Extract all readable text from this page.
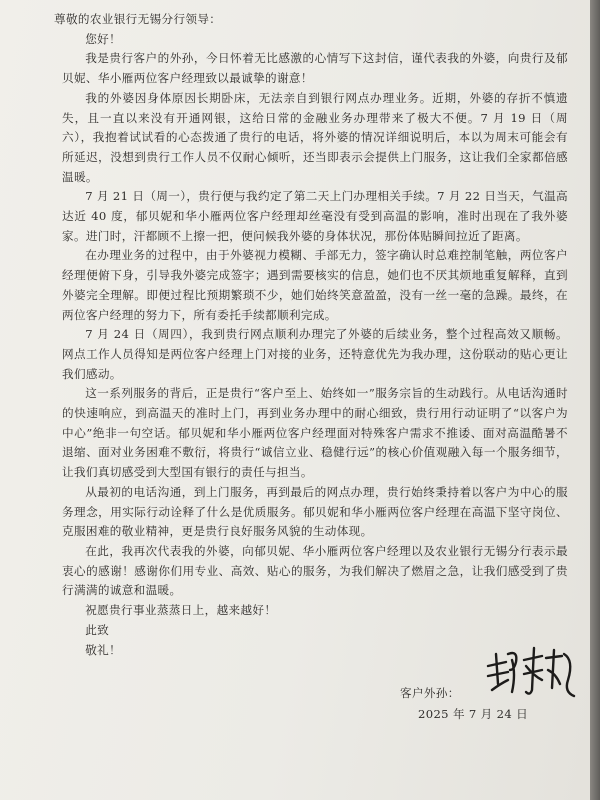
尊敬的农业银行无锡分行领导：
您好！

我是贵行客户的外孙，今日怀着无比感激的心情写下这封信，谨代表我的外婆，向贵行及郁贝妮、华小雁两位客户经理致以最诚挚的谢意！

我的外婆因身体原因长期卧床，无法亲自到银行网点办理业务。近期，外婆的存折不慎遗失，且一直以来没有开通网银，这给日常的金融业务办理带来了极大不便。7 月 19 日（周六），我抱着试试看的心态拨通了贵行的电话，将外婆的情况详细说明后，本以为周末可能会有所延迟，没想到贵行工作人员不仅耐心倾听，还当即表示会提供上门服务，这让我们全家都倍感温暖。

7 月 21 日（周一），贵行便与我约定了第二天上门办理相关手续。7 月 22 日当天，气温高达近 40 度，郁贝妮和华小雁两位客户经理却丝毫没有受到高温的影响，准时出现在了我外婆家。进门时，汗都顾不上擦一把，便问候我外婆的身体状况，那份体贴瞬间拉近了距离。

在办理业务的过程中，由于外婆视力模糊、手部无力，签字确认时总难控制笔触，两位客户经理便俯下身，引导我外婆完成签字；遇到需要核实的信息，她们也不厌其烦地重复解释，直到外婆完全理解。即便过程比预期繁琐不少，她们始终笑意盈盈，没有一丝一毫的急躁。最终，在两位客户经理的努力下，所有委托手续都顺利完成。

7 月 24 日（周四），我到贵行网点顺利办理完了外婆的后续业务，整个过程高效又顺畅。网点工作人员得知是两位客户经理上门对接的业务，还特意优先为我办理，这份联动的贴心更让我们感动。

这一系列服务的背后，正是贵行“客户至上、始终如一”服务宗旨的生动践行。从电话沟通时的快速响应，到高温天的准时上门，再到业务办理中的耐心细致，贵行用行动证明了“以客户为中心”绝非一句空话。郁贝妮和华小雁两位客户经理面对特殊客户需求不推诿、面对高温酷暑不退缩、面对业务困难不敷衍，将贵行“诚信立业、稳健行远”的核心价值观融入每一个服务细节，让我们真切感受到大型国有银行的责任与担当。

从最初的电话沟通，到上门服务，再到最后的网点办理，贵行始终秉持着以客户为中心的服务理念，用实际行动诠释了什么是优质服务。郁贝妮和华小雁两位客户经理在高温下坚守岗位、克服困难的敬业精神，更是贵行良好服务风貌的生动体现。

在此，我再次代表我的外婆，向郁贝妮、华小雁两位客户经理以及农业银行无锡分行表示最衷心的感谢！感谢你们用专业、高效、贴心的服务，为我们解决了燃眉之急，让我们感受到了贵行满满的诚意和温暖。

祝愿贵行事业蒸蒸日上，越来越好！

此致
敬礼！
客户外孙：
2025 年 7 月 24 日
